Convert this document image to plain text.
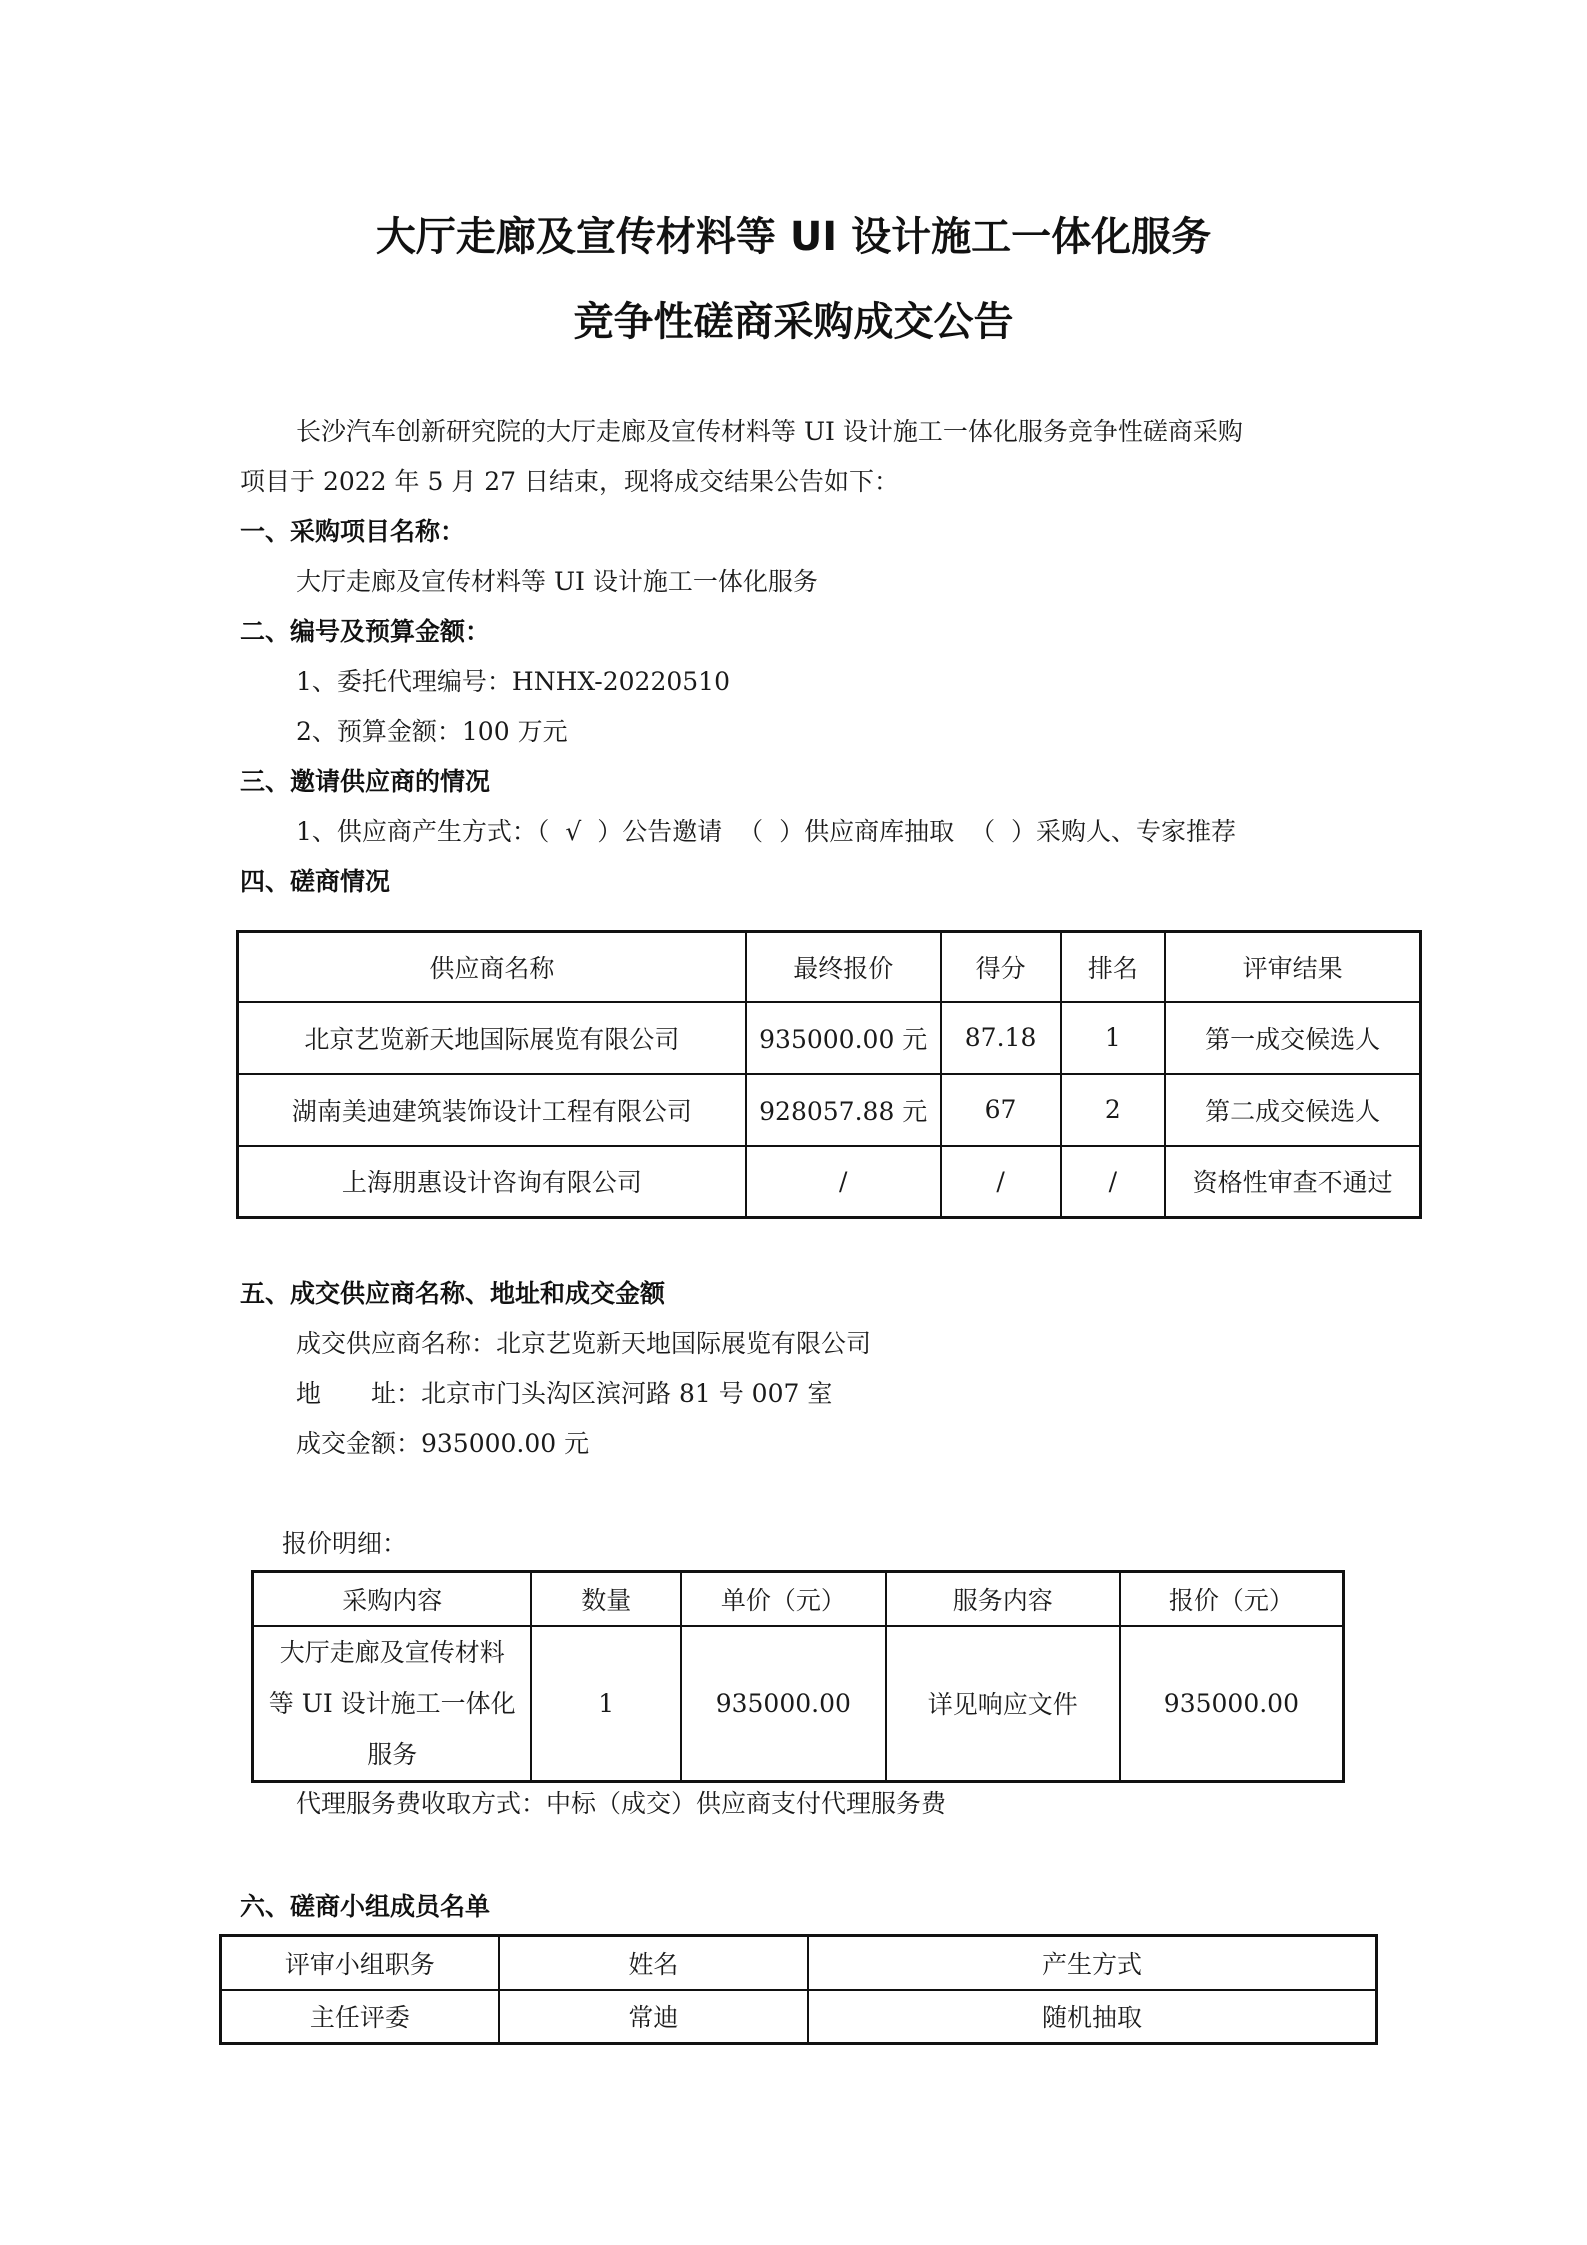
大厅走廊及宣传材料等 UI 设计施工一体化服务
竞争性磋商采购成交公告
长沙汽车创新研究院的大厅走廊及宣传材料等 UI 设计施工一体化服务竞争性磋商采购
项目于 2022 年 5 月 27 日结束，现将成交结果公告如下：
一、采购项目名称：
大厅走廊及宣传材料等 UI 设计施工一体化服务
二、编号及预算金额：
1、委托代理编号：HNHX-20220510
2、预算金额：100 万元
三、邀请供应商的情况
1、供应商产生方式：（ √ ）公告邀请 （ ）供应商库抽取 （ ）采购人、专家推荐
四、磋商情况
供应商名称	最终报价	得分	排名	评审结果
北京艺览新天地国际展览有限公司	935000.00 元	87.18	1	第一成交候选人
湖南美迪建筑装饰设计工程有限公司	928057.88 元	67	2	第二成交候选人
上海朋惠设计咨询有限公司	/	/	/	资格性审查不通过
五、成交供应商名称、地址和成交金额
成交供应商名称：北京艺览新天地国际展览有限公司
地　　址：北京市门头沟区滨河路 81 号 007 室
成交金额：935000.00 元
报价明细：
采购内容	数量	单价（元）	服务内容	报价（元）

大厅走廊及宣传材料
等 UI 设计施工一体化
服务	1	935000.00	详见响应文件	935000.00
代理服务费收取方式：中标（成交）供应商支付代理服务费
六、磋商小组成员名单
评审小组职务	姓名	产生方式
主任评委	常迪	随机抽取
